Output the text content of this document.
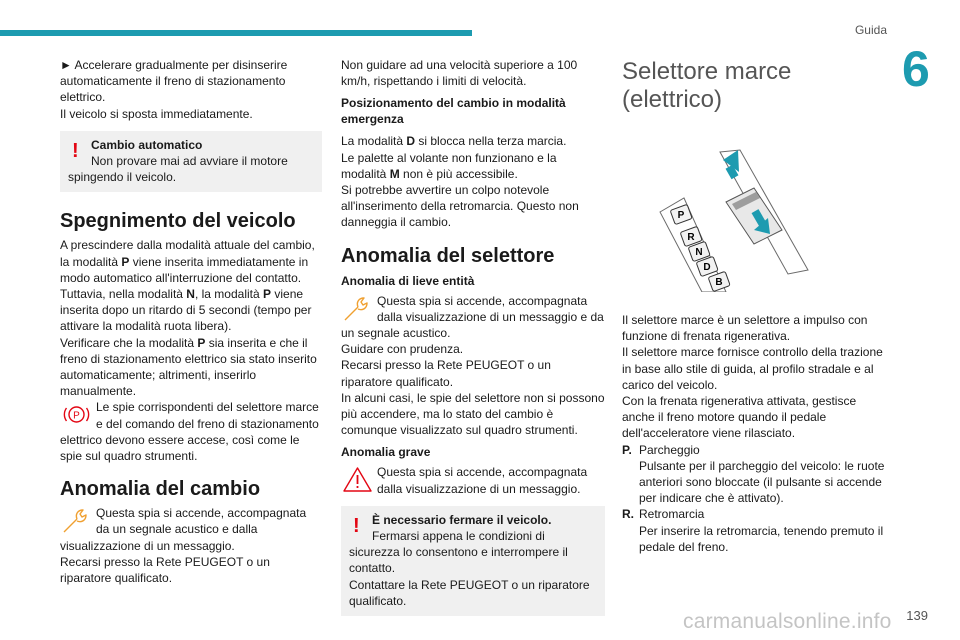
Guida
6

► Accelerare gradualmente per disinserire automaticamente il freno di stazionamento elettrico.

Il veicolo si sposta immediatamente.

! Cambio automatico
Non provare mai ad avviare il motore spingendo il veicolo.
Spegnimento del veicolo

A prescindere dalla modalità attuale del cambio, la modalità P viene inserita immediatamente in modo automatico all'interruzione del contatto.

Tuttavia, nella modalità N, la modalità P viene inserita dopo un ritardo di 5 secondi (tempo per attivare la modalità ruota libera).

Verificare che la modalità P sia inserita e che il freno di stazionamento elettrico sia stato inserito automaticamente; altrimenti, inserirlo manualmente.

P
Le spie corrispondenti del selettore marce e del comando del freno di stazionamento elettrico devono essere accese, così come le spie sul quadro strumenti.
Anomalia del cambio
Questa spia si accende, accompagnata da un segnale acustico e dalla visualizzazione di un messaggio.

Recarsi presso la Rete PEUGEOT o un riparatore qualificato.

Non guidare ad una velocità superiore a 100 km/h, rispettando i limiti di velocità.

Posizionamento del cambio in modalità emergenza

La modalità D si blocca nella terza marcia.

Le palette al volante non funzionano e la modalità M non è più accessibile.

Si potrebbe avvertire un colpo notevole all'inserimento della retromarcia. Questo non danneggia il cambio.

Anomalia del selettore
Anomalia di lieve entità
Questa spia si accende, accompagnata dalla visualizzazione di un messaggio e da un segnale acustico.

Guidare con prudenza.

Recarsi presso la Rete PEUGEOT o un riparatore qualificato.

In alcuni casi, le spie del selettore non si possono più accendere, ma lo stato del cambio è comunque visualizzato sul quadro strumenti.

Anomalia grave
Questa spia si accende, accompagnata dalla visualizzazione di un messaggio.
! È necessario fermare il veicolo.
Fermarsi appena le condizioni di sicurezza lo consentono e interrompere il contatto.
Contattare la Rete PEUGEOT o un riparatore qualificato.
Selettore marce (elettrico)
P
R
N
D
B

Il selettore marce è un selettore a impulso con funzione di frenata rigenerativa.

Il selettore marce fornisce controllo della trazione in base allo stile di guida, al profilo stradale e al carico del veicolo.

Con la frenata rigenerativa attivata, gestisce anche il freno motore quando il pedale dell'acceleratore viene rilasciato.

P. Parcheggio
Pulsante per il parcheggio del veicolo: le ruote anteriori sono bloccate (il pulsante si accende per indicare che è attivato).
R. Retromarcia
Per inserire la retromarcia, tenendo premuto il pedale del freno.
139
carmanualsonline.info
